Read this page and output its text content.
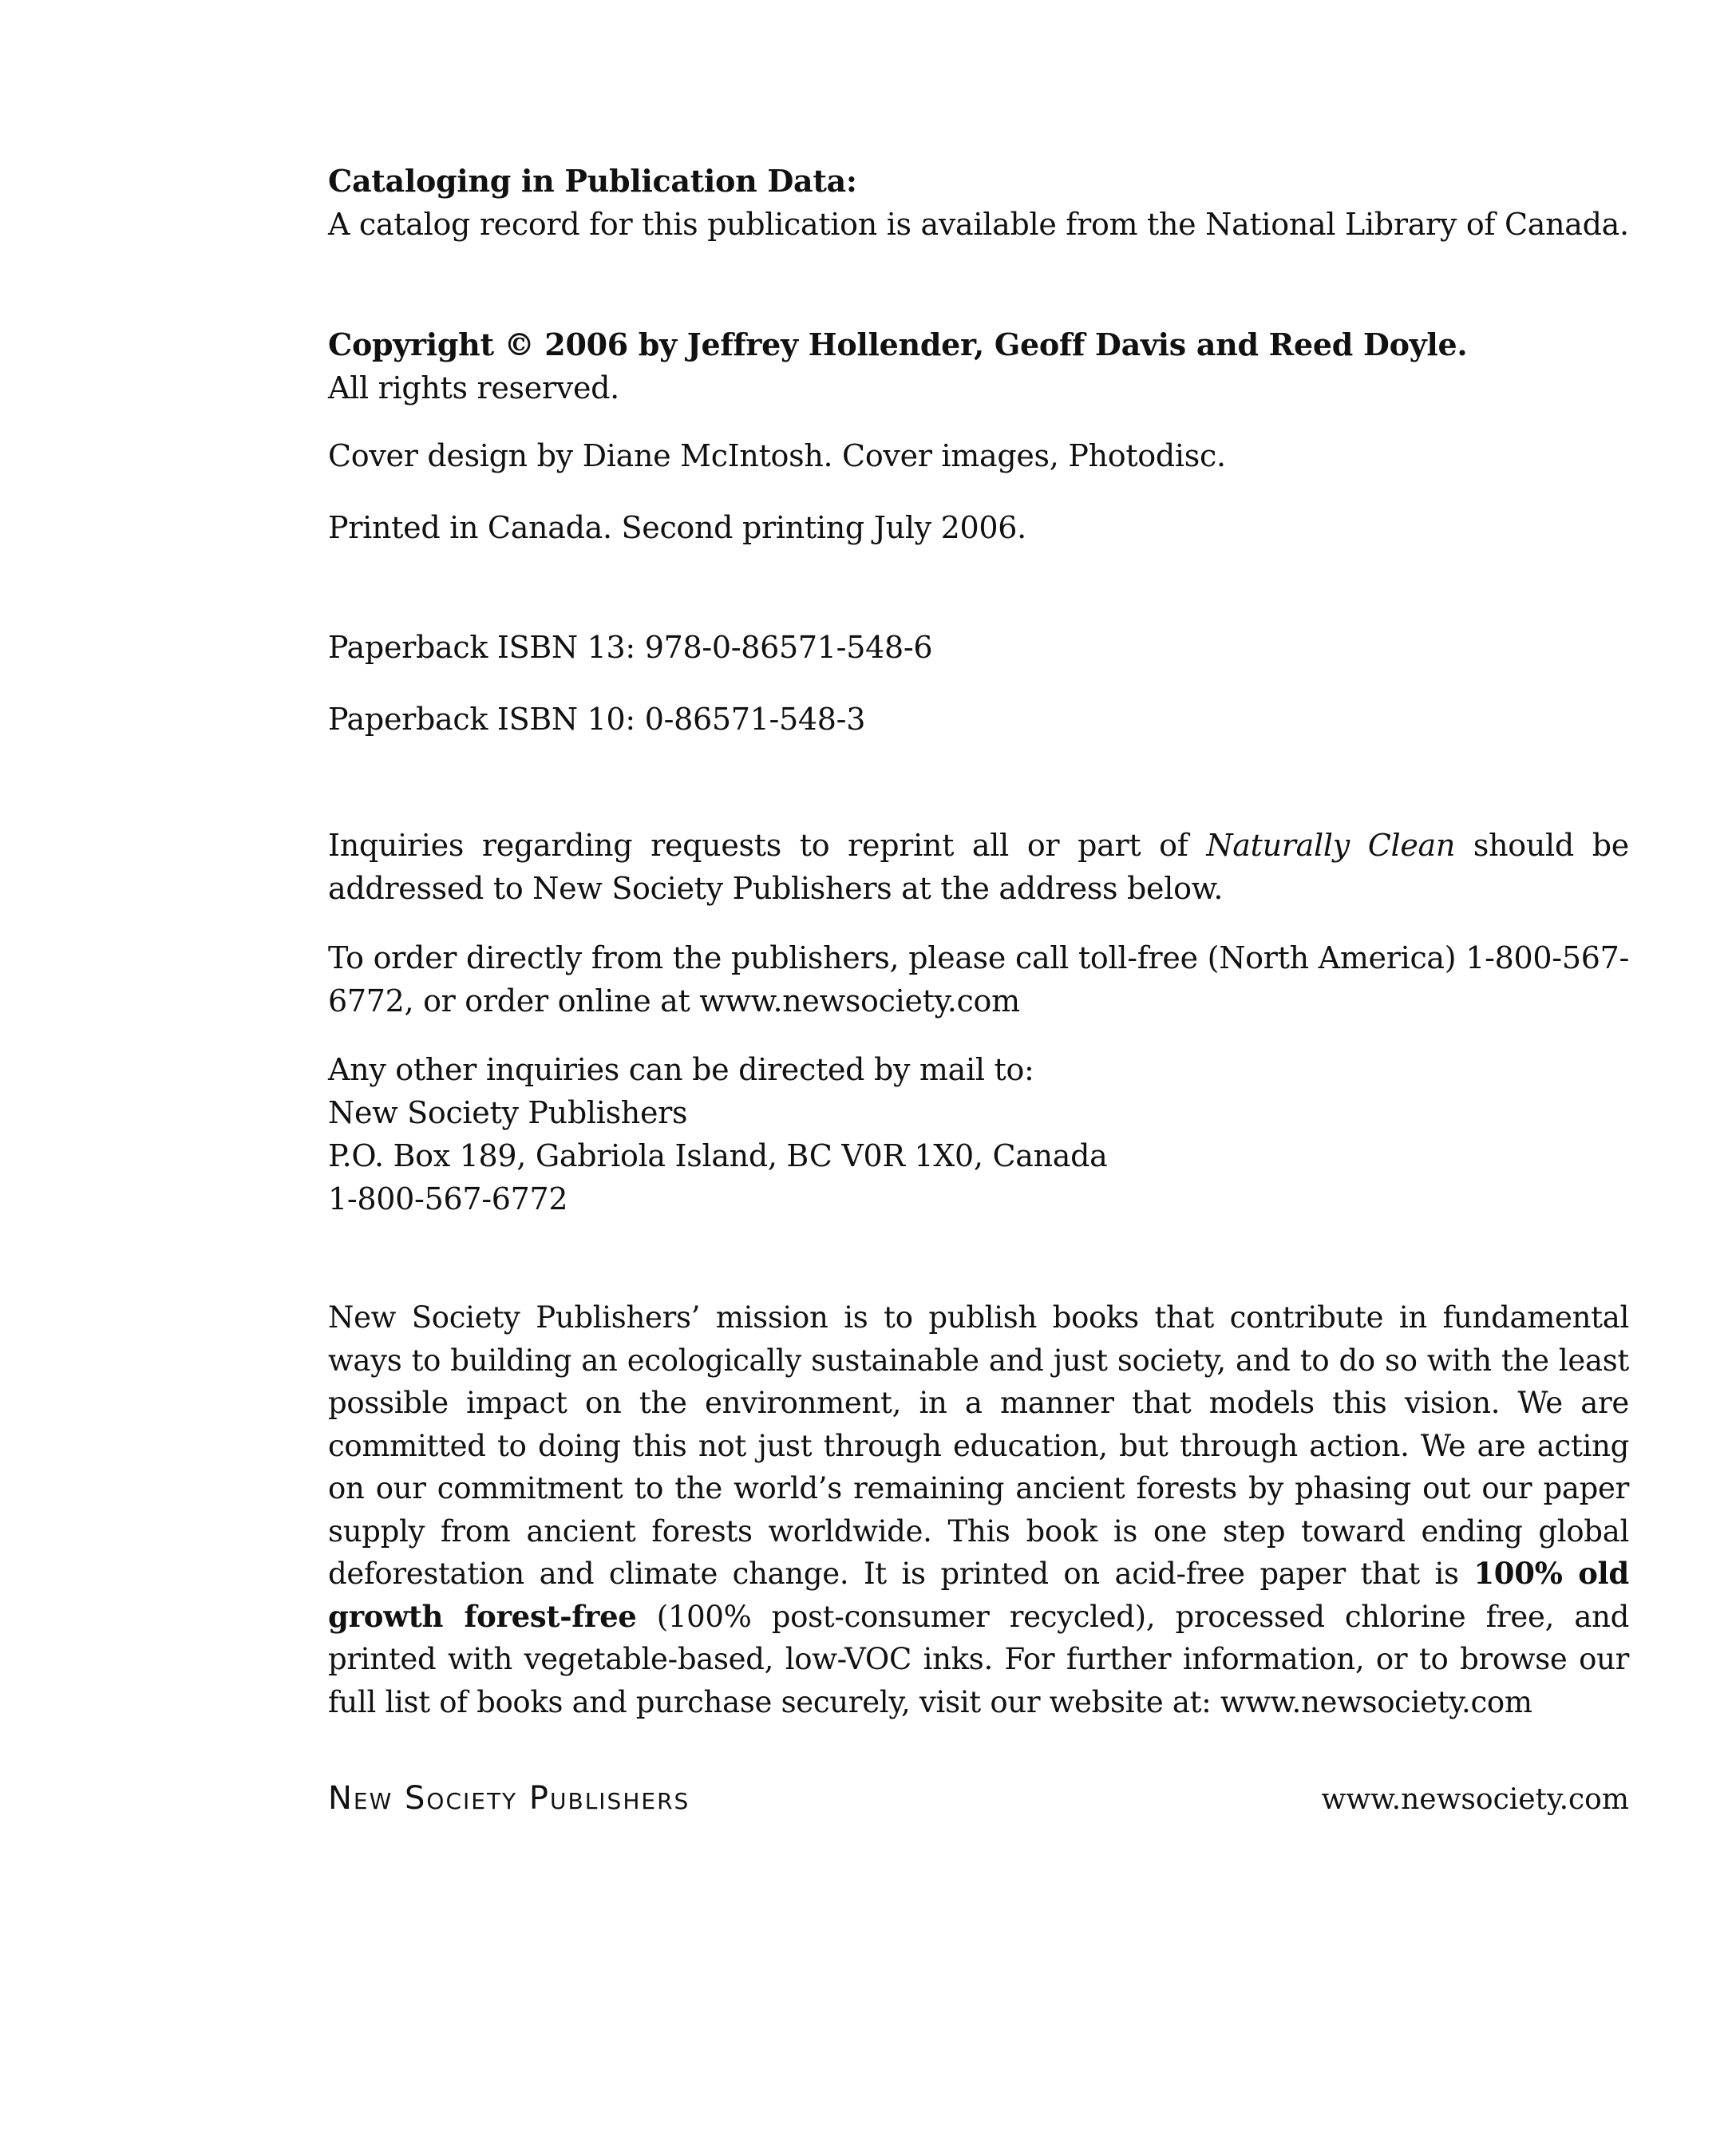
Cataloging in Publication Data:
A catalog record for this publication is available from the National Library of Canada.
Copyright © 2006 by Jeffrey Hollender, Geoff Davis and Reed Doyle.
All rights reserved.
Cover design by Diane McIntosh. Cover images, Photodisc.
Printed in Canada. Second printing July 2006.
Paperback ISBN 13: 978-0-86571-548-6
Paperback ISBN 10: 0-86571-548-3
Inquiries regarding requests to reprint all or part of Naturally Clean should be addressed to New Society Publishers at the address below.
To order directly from the publishers, please call toll-free (North America) 1-800-567-6772, or order online at www.newsociety.com
Any other inquiries can be directed by mail to:
New Society Publishers
P.O. Box 189, Gabriola Island, BC V0R 1X0, Canada
1-800-567-6772
New Society Publishers’ mission is to publish books that contribute in fundamental ways to building an ecologically sustainable and just society, and to do so with the least possible impact on the environment, in a manner that models this vision. We are committed to doing this not just through education, but through action. We are acting on our commitment to the world’s remaining ancient forests by phasing out our paper supply from ancient forests worldwide. This book is one step toward ending global deforestation and climate change. It is printed on acid-free paper that is 100% old growth forest-free (100% post-consumer recycled), processed chlorine free, and printed with vegetable-based, low-VOC inks. For further information, or to browse our full list of books and purchase securely, visit our website at: www.newsociety.com
New Society Publishers	www.newsociety.com
